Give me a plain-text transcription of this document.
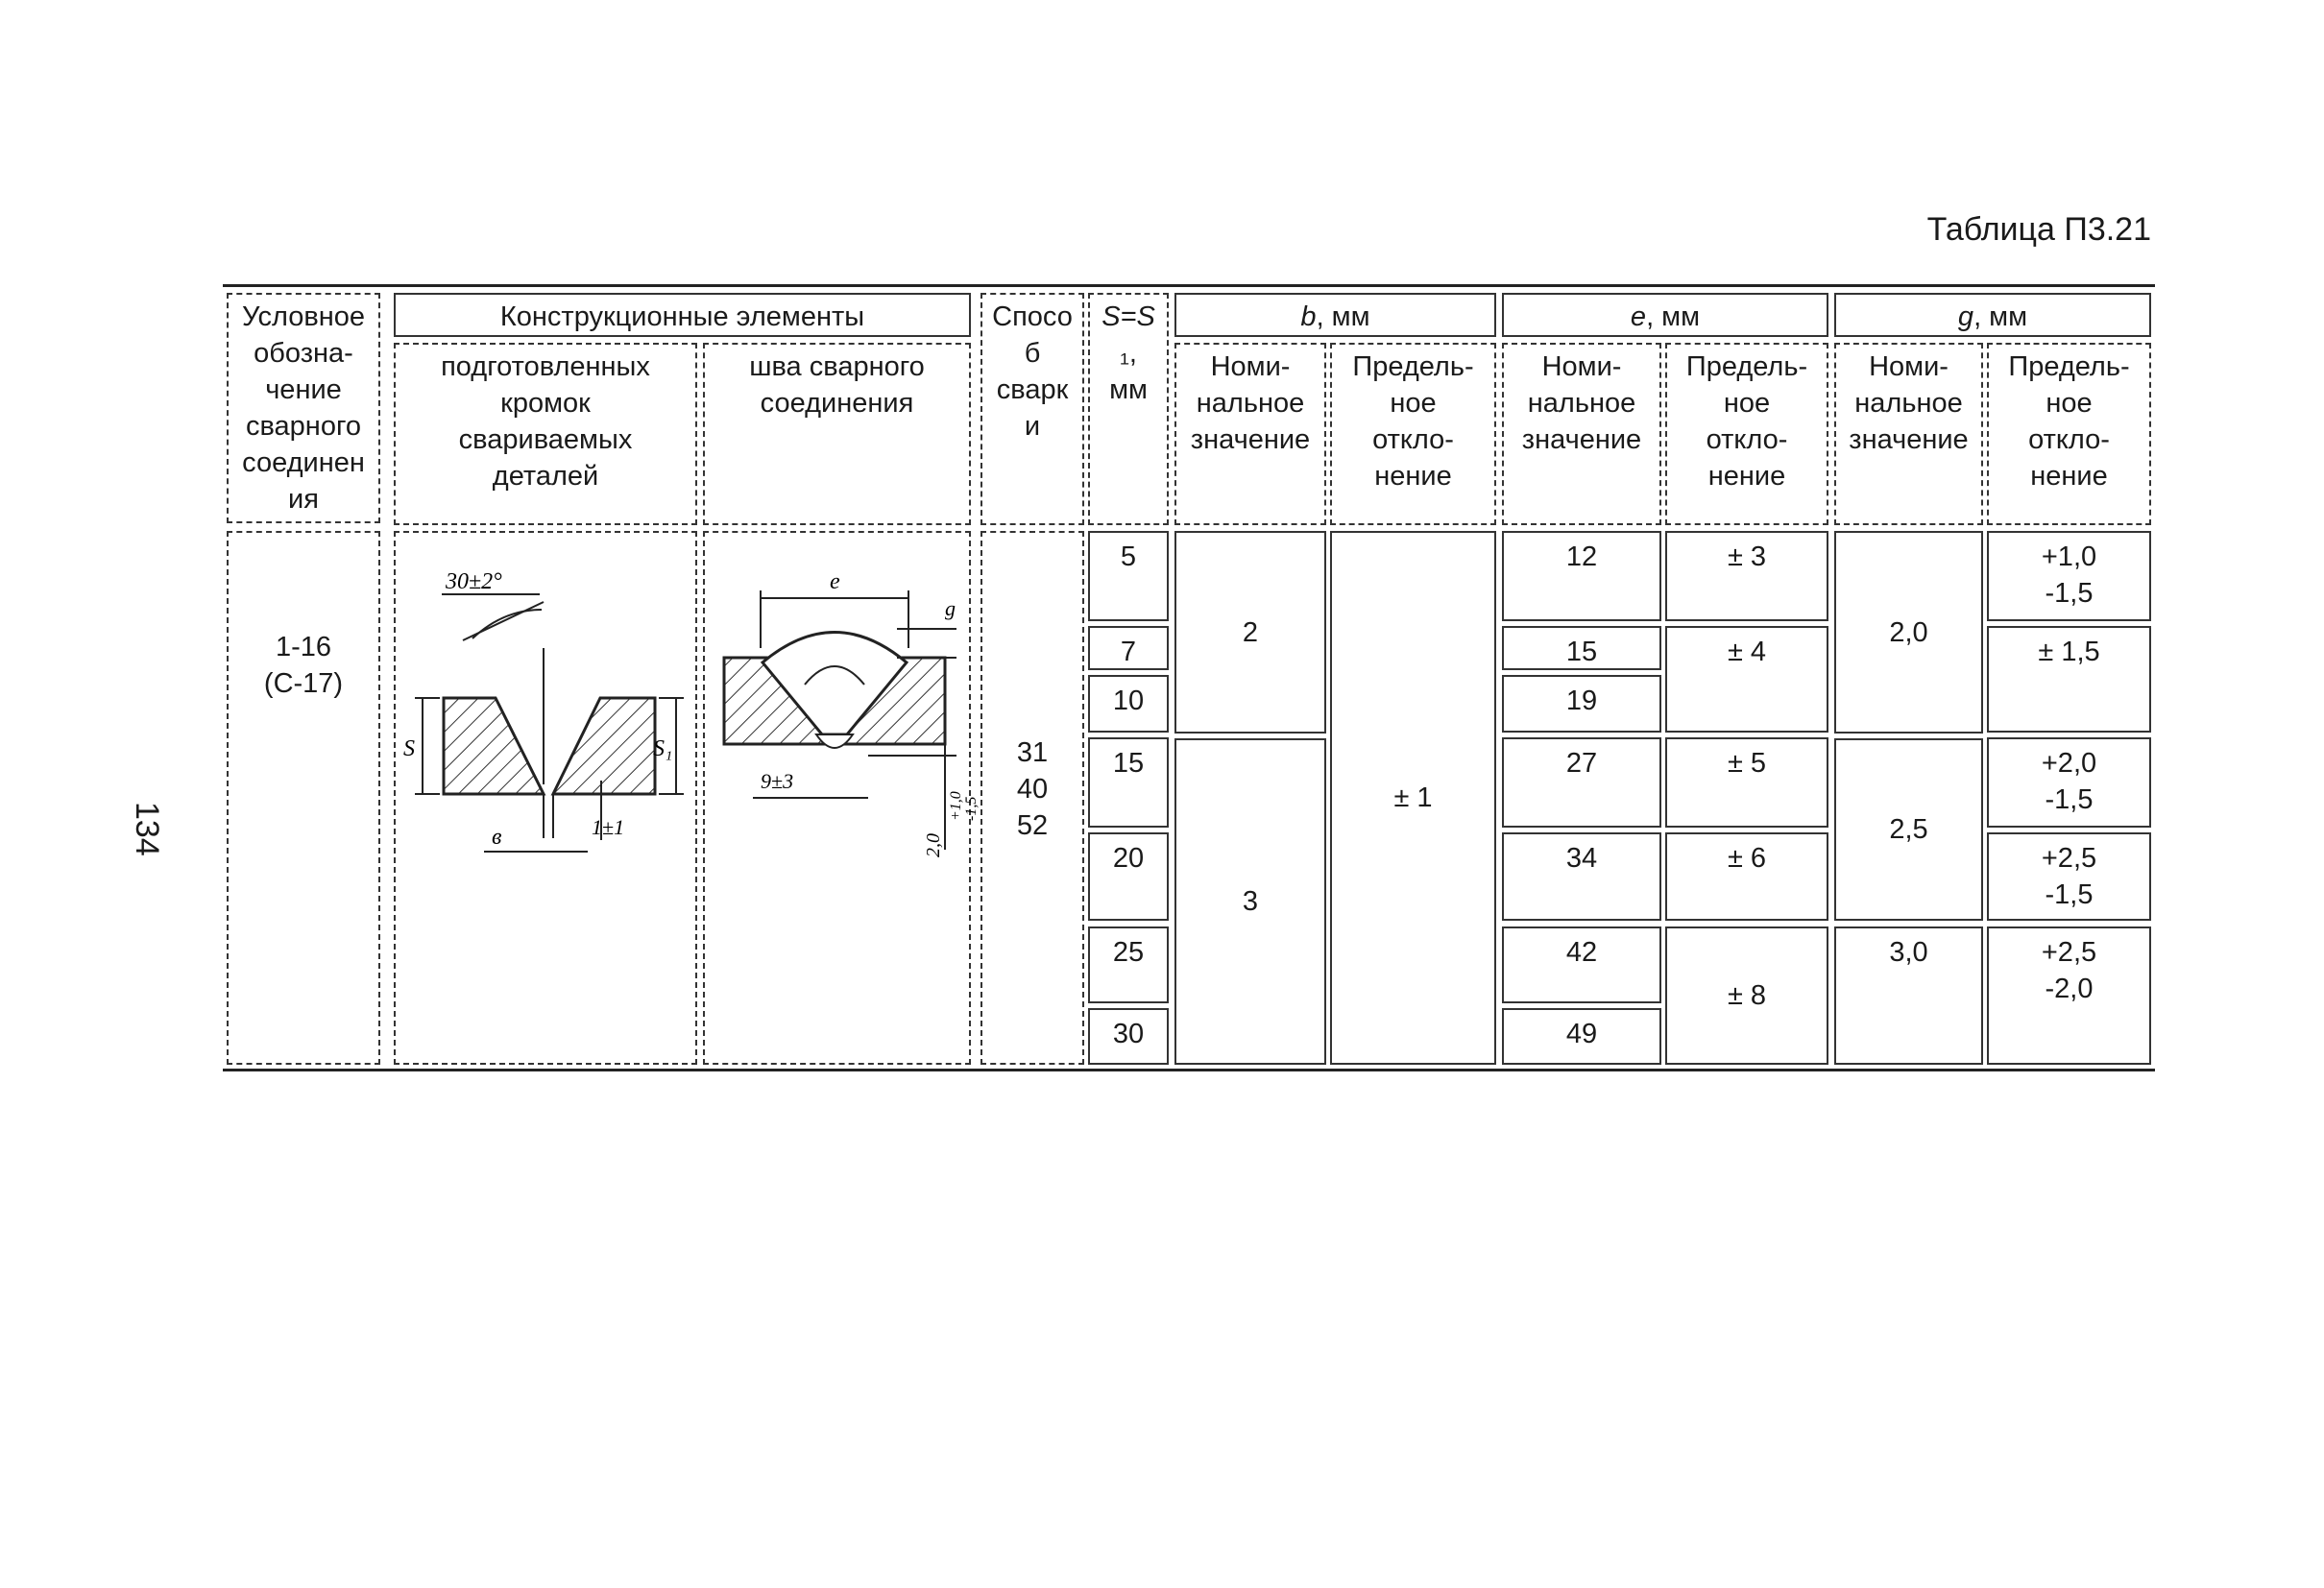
Таблица П3.21
134
Условное
обозна-
чение
сварного
соединен
ия
Конструкционные элементы
подготовленных
кромок
свариваемых
деталей
шва сварного
соединения
Спосо
б
сварк
и
S=S
₁,
мм
b, мм
Номи-
нальное
значение
Предель-
ное
откло-
нение
e, мм
Номи-
нальное
значение
Предель-
ное
откло-
нение
g, мм
Номи-
нальное
значение
Предель-
ное
откло-
нение
1-16
(С-17)
30±2°
S	S₁
в	1±1
e
g
9±3
2,0
+1,0-1,5
31
40
52
5
7
10
15
20
25
30
2
3
± 1
12
15
19
27
34
42
49
± 3
± 4
± 5
± 6
± 8
2,0
2,5
3,0
+1,0
-1,5
± 1,5
+2,0
-1,5
+2,5
-1,5
+2,5
-2,0
